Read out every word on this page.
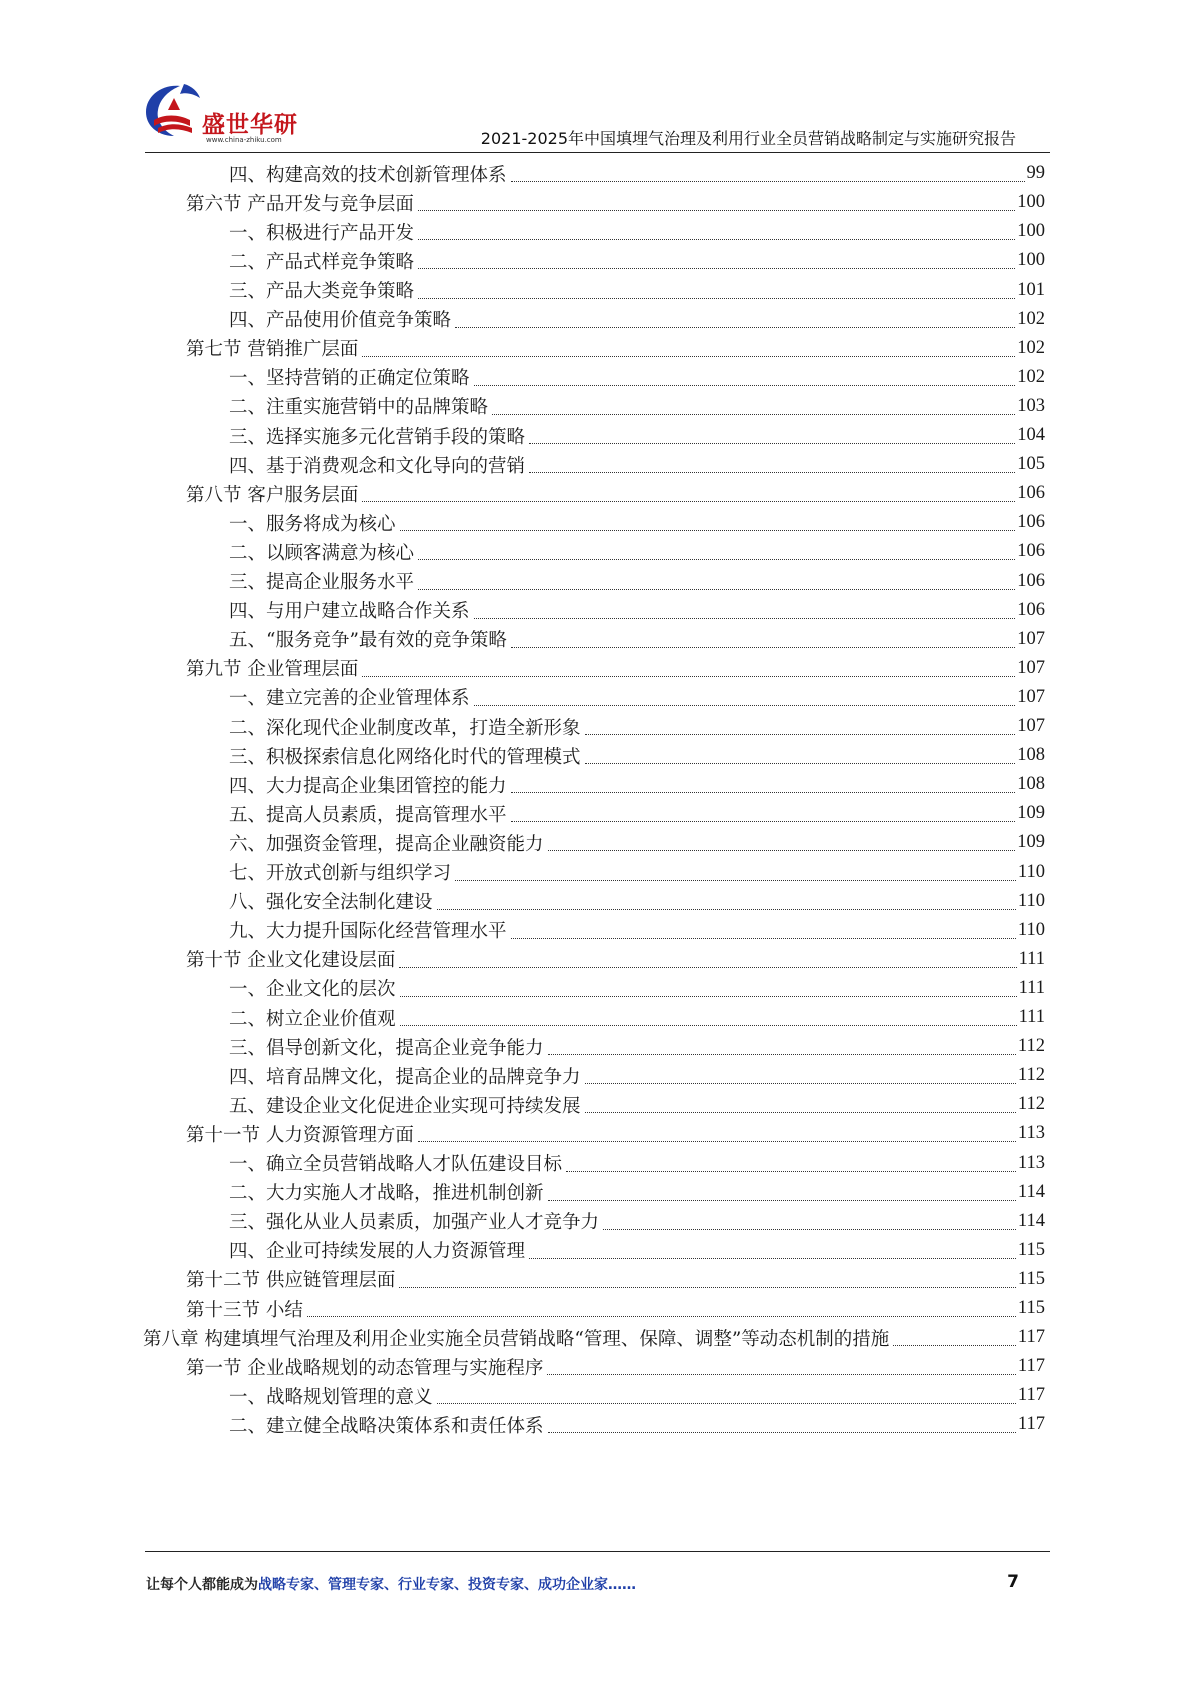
盛世华研
www.china-zhiku.com	2021-2025年中国填埋气治理及利用行业全员营销战略制定与实施研究报告
四、构建高效的技术创新管理体系	99
第六节 产品开发与竞争层面	100
一、积极进行产品开发	100
二、产品式样竞争策略	100
三、产品大类竞争策略	101
四、产品使用价值竞争策略	102
第七节 营销推广层面	102
一、坚持营销的正确定位策略	102
二、注重实施营销中的品牌策略	103
三、选择实施多元化营销手段的策略	104
四、基于消费观念和文化导向的营销	105
第八节 客户服务层面	106
一、服务将成为核心	106
二、以顾客满意为核心	106
三、提高企业服务水平	106
四、与用户建立战略合作关系	106
五、“服务竞争”最有效的竞争策略	107
第九节 企业管理层面	107
一、建立完善的企业管理体系	107
二、深化现代企业制度改革，打造全新形象	107
三、积极探索信息化网络化时代的管理模式	108
四、大力提高企业集团管控的能力	108
五、提高人员素质，提高管理水平	109
六、加强资金管理，提高企业融资能力	109
七、开放式创新与组织学习	110
八、强化安全法制化建设	110
九、大力提升国际化经营管理水平	110
第十节 企业文化建设层面	111
一、企业文化的层次	111
二、树立企业价值观	111
三、倡导创新文化，提高企业竞争能力	112
四、培育品牌文化，提高企业的品牌竞争力	112
五、建设企业文化促进企业实现可持续发展	112
第十一节 人力资源管理方面	113
一、确立全员营销战略人才队伍建设目标	113
二、大力实施人才战略，推进机制创新	114
三、强化从业人员素质，加强产业人才竞争力	114
四、企业可持续发展的人力资源管理	115
第十二节 供应链管理层面	115
第十三节 小结	115
第八章 构建填埋气治理及利用企业实施全员营销战略“管理、保障、调整”等动态机制的措施	117
第一节 企业战略规划的动态管理与实施程序	117
一、战略规划管理的意义	117
二、建立健全战略决策体系和责任体系	117
让每个人都能成为战略专家、管理专家、行业专家、投资专家、成功企业家……	7
